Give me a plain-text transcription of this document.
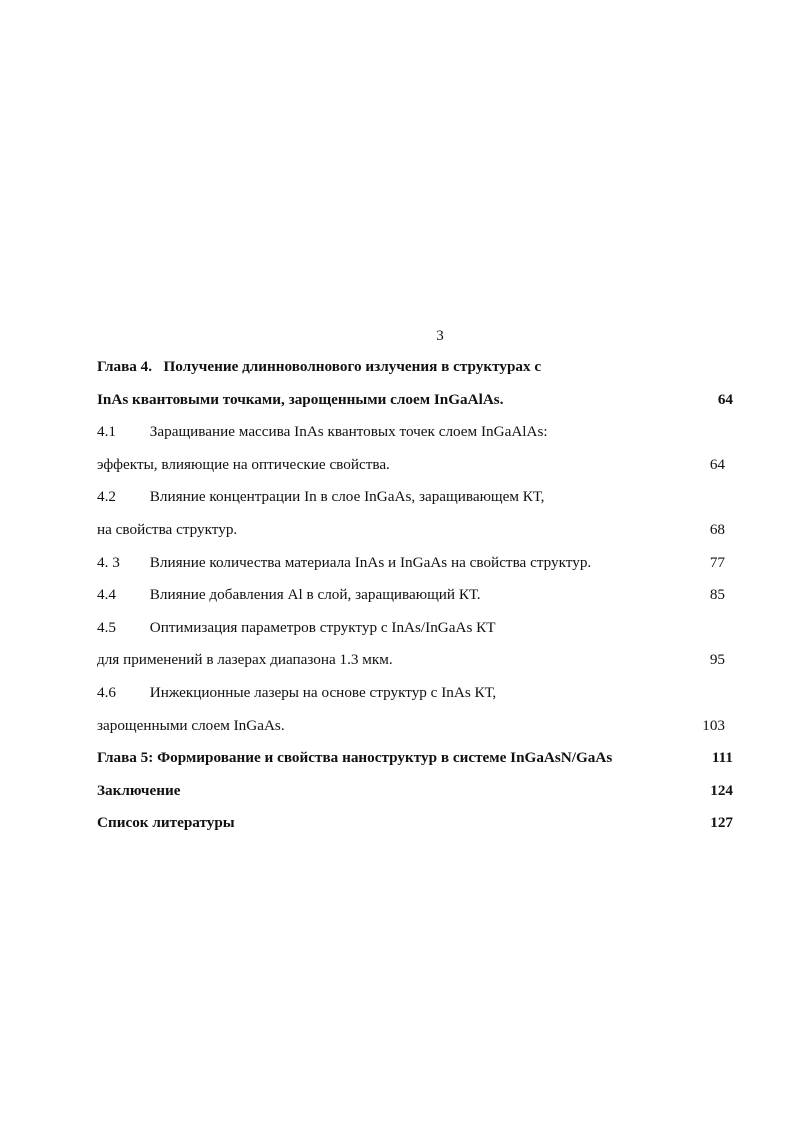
3
Глава 4. Получение длинноволнового излучения в структурах с
InAs квантовыми точками, зарощенными слоем InGaAlAs.	64
4.1 Заращивание массива InAs квантовых точек слоем InGaAlAs:
эффекты, влияющие на оптические свойства.	64
4.2 Влияние концентрации In в слое InGaAs, заращивающем КТ,
на свойства структур.	68
4. 3 Влияние количества материала InAs и InGaAs на свойства структур.	77
4.4 Влияние добавления Al в слой, заращивающий КТ.	85
4.5 Оптимизация параметров структур с InAs/InGaAs КТ
для применений в лазерах диапазона 1.3 мкм.	95
4.6 Инжекционные лазеры на основе структур с InAs КТ,
зарощенными слоем InGaAs.	103
Глава 5: Формирование и свойства наноструктур в системе InGaAsN/GaAs	111
Заключение	124
Список литературы	127
